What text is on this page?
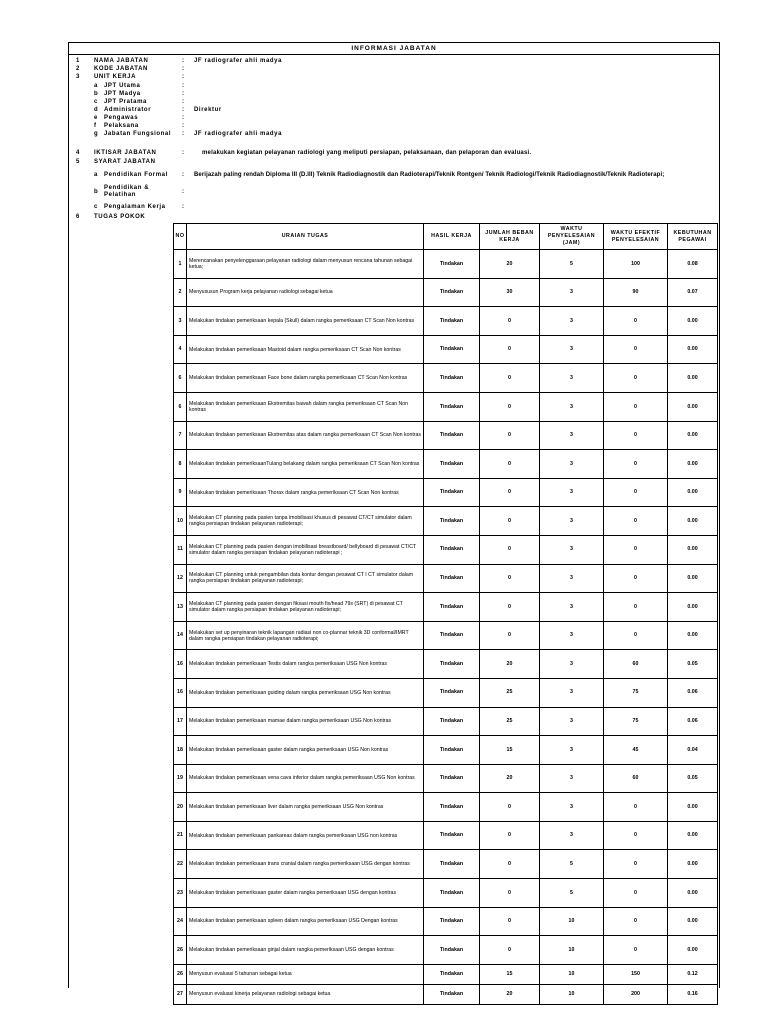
INFORMASI JABATAN
1 NAMA JABATAN	: JF radiografer ahli madya
2 KODE JABATAN	:
3 UNIT KERJA	:
a JPT Utama	:
b JPT Madya	:
c JPT Pratama	:
d Administrator	: Direktur
e Pengawas	:
f Pelaksana	:
g Jabatan Fungsional : JF radiografer ahli madya
4 IKTISAR JABATAN	:	melakukan kegiatan pelayanan radiologi yang meliputi persiapan, pelaksanaan, dan pelaporan dan evaluasi.
5 SYARAT JABATAN
a Pendidikan Formal : Berijazah paling rendah Diploma III (D.III) Teknik Radiodiagnostik dan Radioterapi/Teknik Rontgen/ Teknik Radiologi/Teknik Radiodiagnostik/Teknik Radioterapi;
b
Pendidikan &
Pelatihan	:
c Pengalaman Kerja	:
6 TUGAS POKOK
NO	URAIAN TUGAS	HASIL KERJA	JUMLAH BEBAN KERJA	WAKTU PENYELESAIAN (JAM)	WAKTU EFEKTIF PENYELESAIAN	KEBUTUHAN PEGAWAI
1	Merencanakan penyelenggaraan pelayanan radiologi dalam menyusun rencana tahunan sebagai ketua;	Tindakan	20	5	100	0.08
2	Menyususun Program kerja pelayanan radiologi sebagai ketua	Tindakan	30	3	90	0.07
3	Melakukan tindakan pemeriksaan kepala (Skull) dalam rangka pemeriksaan CT Scan Non kontras	Tindakan	0	3	0	0.00
4	Melakukan tindakan pemeriksaan Mastoid dalam rangka pemeriksaan CT Scan Non kontras	Tindakan	0	3	0	0.00
6	Melakukan tindakan pemeriksaan Face bone dalam rangka pemeriksaan CT Scan Non kontras	Tindakan	0	3	0	0.00
6	Melakukan tindakan pemeriksaan Ekstremitas bawah dalam rangka pemeriksaan CT Scan Non kontras	Tindakan	0	3	0	0.00
7	Melakukan tindakan pemeriksaan Ekstremitas atas dalam rangka pemeriksaan CT Scan Non kontras	Tindakan	0	3	0	0.00
8	Melakukan tindakan pemeriksaanTulang belakang dalam rangka pemeriksaan CT Scan Non kontras	Tindakan	0	3	0	0.00
9	Melakukan tindakan pemeriksaan Thorax dalam rangka pemeriksaan CT Scan Non kontras	Tindakan	0	3	0	0.00
10	Melakukan CT planning pada pasien tanpa imobilisasi khusus di pesawat CT/CT simulator dalam rangka persiapan tindakan pelayanan radioterapi;	Tindakan	0	3	0	0.00
11	Melakukan CT planning pada pasien dengan imobilisasi breastboard/ bellyboard di pesawat CT/CT simulator dalam rangka persiapan tindakan pelayanan radioterapi ;	Tindakan	0	3	0	0.00
12	Melakukan CT planning untuk pengambilan data kontur dengan pesawat CT I CT simulator dalam rangka persiapan tindakan pelayanan radioterapi;	Tindakan	0	3	0	0.00
13	Melakukan CT planning pada pasien dengan fiksasi mouth fix/head 79s (SRT) di pesawat CT simulator dalam rangka persiapan tindakan pelayanan radioterapi;	Tindakan	0	3	0	0.00
14	Melakukan set up penyinaran teknik lapangan radiasi non co-plannar teknik 3D conformal/IMRT dalam rangka persiapan tindakan pelayanan radioterapi;	Tindakan	0	3	0	0.00
16	Melakukan tindakan pemeriksaan Testis dalam rangka pemeriksaan USG Non kontras	Tindakan	20	3	60	0.05
16	Melakukan tindakan pemeriksaan guiding dalam rangka pemeriksaan USG Non kontras	Tindakan	25	3	75	0.06
17	Melakukan tindakan pemeriksaan mamae dalam rangka pemeriksaan USG Non kontras	Tindakan	25	3	75	0.06
18	Melakukan tindakan pemeriksaan gaster dalam rangka pemeriksaan USG Non kontras	Tindakan	15	3	45	0.04
19	Melakukan tindakan pemeriksaan vena cava inferior dalam rangka pemeriksaan USG Non kontras	Tindakan	20	3	60	0.05
20	Melakukan tindakan pemeriksaan liver dalam rangka pemeriksaan USG Non kontras	Tindakan	0	3	0	0.00
21	Melakukan tindakan pemeriksaan pankareas dalam rangka pemeriksaan USG non kontras	Tindakan	0	3	0	0.00
22	Melakukan tindakan pemeriksaan trans cranial dalam rangka pemeriksaan USG dengan kontras	Tindakan	0	5	0	0.00
23	Melakukan tindakan pemeriksaan gaster dalam rangka pemeriksaan USG dengan kontras	Tindakan	0	5	0	0.00
24	Melakukan tindakan pemeriksaan spleen dalam rangka pemeriksaan USG Dengan kontras	Tindakan	0	10	0	0.00
26	Melakukan tindakan pemeriksaan ginjal dalam rangka pemeriksaan USG dengan kontras	Tindakan	0	10	0	0.00
26	Menyusun evaluasi 5 tahunan sebagai ketua	Tindakan	15	10	150	0.12
27	Menyusun evaluasi kinerja pelayanan radiologi sebagai ketua	Tindakan	20	10	200	0.16
